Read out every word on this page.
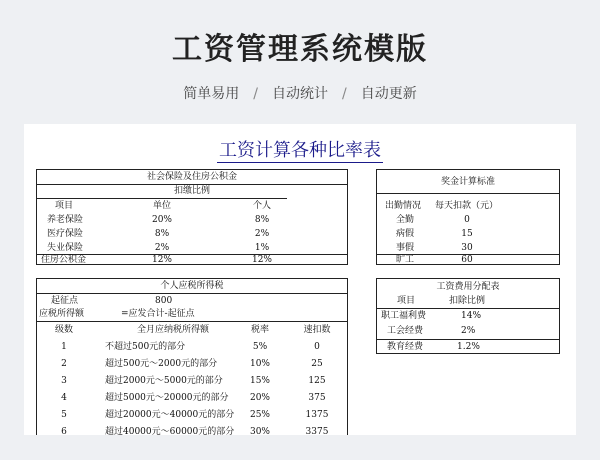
工资管理系统模版
简单易用 / 自动统计 / 自动更新
工资计算各种比率表
社会保险及住房公积金
扣缴比例
项目	单位	个人
养老保险	20%	8%
医疗保险	8%	2%
失业保险	2%	1%
住房公积金	12%	12%
奖金计算标准
出勤情况 每天扣款（元）
全勤	0
病假	15
事假	30
旷工	60
个人应税所得税
起征点	800
应税所得额	=应发合计-起征点
级数	全月应纳税所得额	税率	速扣数
1	不超过500元的部分	5%	0
2	超过500元～2000元的部分	10%	25
3	超过2000元～5000元的部分	15%	125
4	超过5000元～20000元的部分	20%	375
5	超过20000元～40000元的部分	25%	1375
6	超过40000元～60000元的部分	30%	3375
工资费用分配表
项目	扣除比例
职工福利费	14%
工会经费	2%
教育经费	1.2%
